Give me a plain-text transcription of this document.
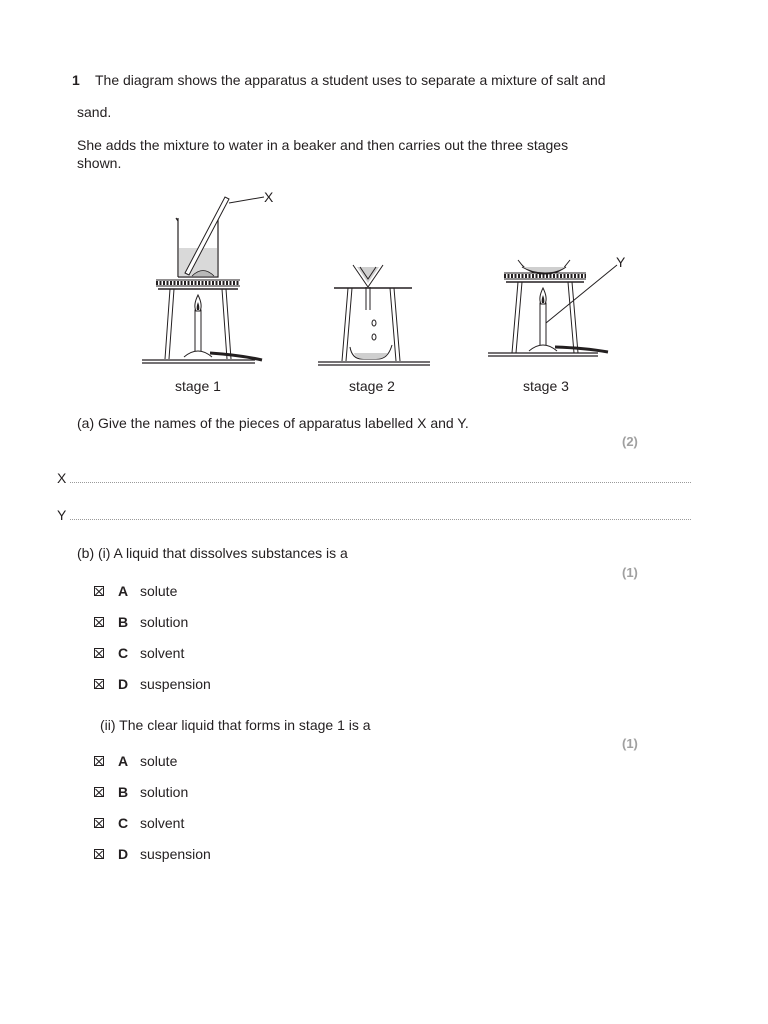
1 The diagram shows the apparatus a student uses to separate a mixture of salt and
sand.
She adds the mixture to water in a beaker and then carries out the three stages
shown.
X
Y
stage 1	stage 2	stage 3
(a) Give the names of the pieces of apparatus labelled X and Y.
(2)
X
Y
(b) (i) A liquid that dissolves substances is a
(1)
A solute
B solution
C solvent
D suspension
(ii) The clear liquid that forms in stage 1 is a
(1)
A solute
B solution
C solvent
D suspension
